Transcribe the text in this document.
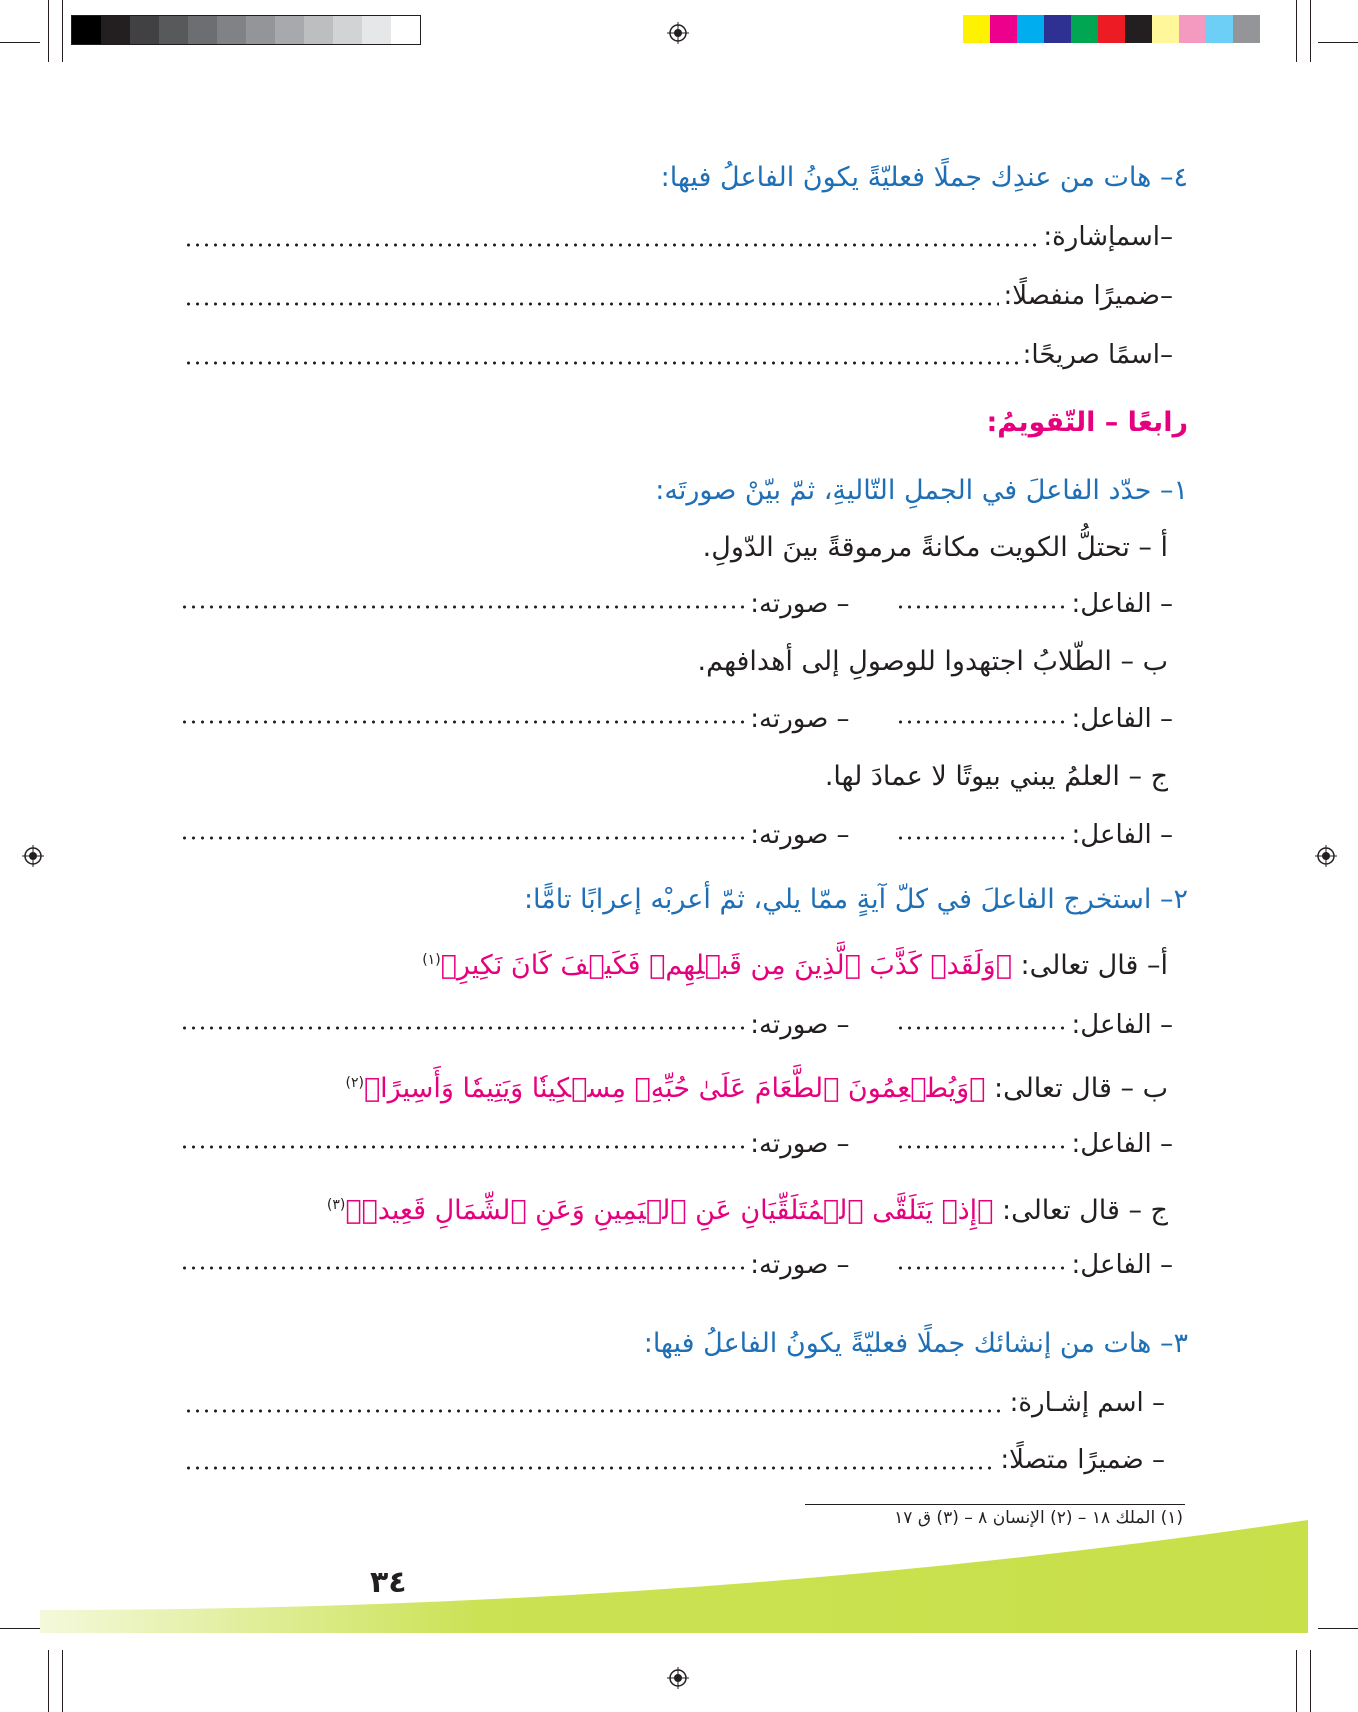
٤– هات من عندِك جملًا فعليّةً يكونُ الفاعلُ فيها:
–اسمإشارة:
–ضميرًا منفصلًا:
–اسمًا صريحًا:
رابعًا – التّقويمُ:
١– حدّد الفاعلَ في الجملِ التّاليةِ، ثمّ بيّنْ صورتَه:
أ – تحتلُّ الكويت مكانةً مرموقةً بينَ الدّولِ.
– الفاعل:
– صورته:
ب – الطّلابُ اجتهدوا للوصولِ إلى أهدافهم.
– الفاعل:
– صورته:
ج – العلمُ يبني بيوتًا لا عمادَ لها.
– الفاعل:
– صورته:
٢– استخرج الفاعلَ في كلّ آيةٍ ممّا يلي، ثمّ أعربْه إعرابًا تامًّا:
أ– قال تعالى: ﴿وَلَقَدۡ كَذَّبَ ٱلَّذِينَ مِن قَبۡلِهِمۡ فَكَيۡفَ كَانَ نَكِيرِ﴾$^{(١)}$
– الفاعل:
– صورته:
ب – قال تعالى: ﴿وَيُطۡعِمُونَ ٱلطَّعَامَ عَلَىٰ حُبِّهِۦ مِسۡكِينٗا وَيَتِيمٗا وَأَسِيرًا﴾$^{(٢)}$
– الفاعل:
– صورته:
ج – قال تعالى: ﴿إِذۡ يَتَلَقَّى ٱلۡمُتَلَقِّيَانِ عَنِ ٱلۡيَمِينِ وَعَنِ ٱلشِّمَالِ قَعِيدٞ﴾$^{(٣)}$
– الفاعل:
– صورته:
٣– هات من إنشائك جملًا فعليّةً يكونُ الفاعلُ فيها:
– اسم إشـارة:
– ضميرًا متصلًا:
(١) الملك ١٨ – (٢) الإنسان ٨ – (٣) ق ١٧
٣٤
